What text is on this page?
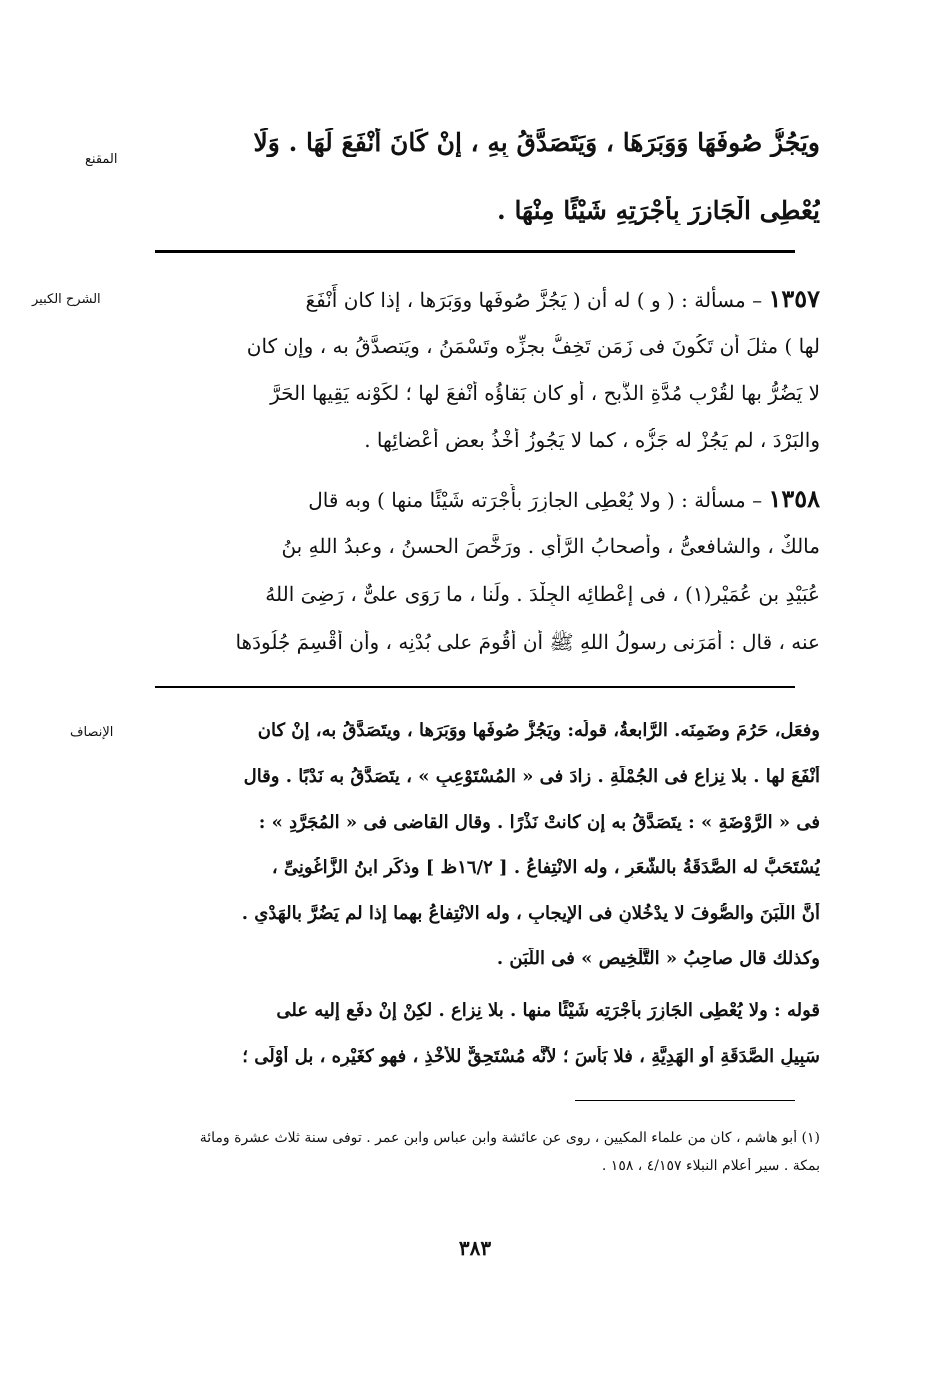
المقنع
الشرح الكبير
الإنصاف
ويَجُزُّ صُوفَهَا وَوَبَرَهَا ، وَيَتَصَدَّقُ بِهِ ، إنْ كَانَ أَنْفَعَ لَهَا . وَلَا
يُعْطِى الْجَازِرَ بِأُجْرَتِهِ شَيْئًا مِنْهَا .
١٣٥٧ – مسألة : ( و ) له أن ( يَجُزَّ صُوفَها ووَبَرَها ، إذا كان أَنْفَعَ
لها ) مثلَ أن تَكُونَ فى زَمَنٍ تَخِفُّ بجزِّه وتَسْمَنُ ، ويَتصدَّقُ به ، وإن كان
لا يَضُرُّ بها لقُرْبِ مُدَّةِ الذَّبحِ ، أو كان بَقاؤُه أنْفعَ لها ؛ لكَوْنه يَقِيها الحَرَّ
والبَرْدَ ، لم يَجُزْ له جَزُّه ، كما لا يَجُوزُ أخْذُ بعضِ أعْضائِها .
١٣٥٨ – مسألة : ( ولا يُعْطِى الجازِرَ بأُجْرَته شَيْئًا منها ) وبه قال
مالكٌ ، والشافعىُّ ، وأصحابُ الرَّأْىِ . ورَخَّصَ الحسنُ ، وعبدُ اللهِ بنُ
عُبَيْدِ بنِ عُمَيْرٍ(١) ، فى إعْطائِه الجِلْدَ . ولَنا ، ما رَوَى علىٌّ ، رَضِىَ اللهُ
عنه ، قال : أمَرَنى رسولُ اللهِ ﷺ أن أقُومَ على بُدْنِه ، وأن أقْسِمَ جُلُودَها
وفعَل، حَرُمَ وضَمِنَه. الرَّابعةُ، قولُه: ويَجُزُّ صُوفَها ووَبَرَها ، ويتَصَدَّقُ به، إنْ كان
أنْفَعَ لها . بلا نِزاعٍ فى الجُمْلَةِ . زادَ فى « المُسْتَوْعِبِ » ، يتَصَدَّقُ به نَدْبًا . وقال
فى « الرَّوْضَةِ » : يتَصَدَّقُ به إن كانتْ نَذْرًا . وقال القاضى فى « المُجَرَّدِ » :
يُسْتَحَبُّ له الصَّدَقَةُ بالشَّعَرِ ، وله الانْتِفاعُ . [ ١٦/٢ظ ] وذكَر ابنُ الزَّاغُونِىِّ ،
أنَّ اللَّبَنَ والصُّوفَ لا يدْخُلانِ فى الإيجابِ ، وله الانْتِفاعُ بهما إذا لم يَضُرَّ بالهَدْىِ .
وكذلك قال صاحِبُ « التَّلْخِيصِ » فى اللَّبَنِ .
قوله : ولا يُعْطِى الجَازِرَ بأُجْرَتِه شَيْئًا منها . بلا نِزاعٍ . لكِنْ إنْ دفَع إليه على
سَبِيلِ الصَّدَقَةِ أو الهَدِيَّةِ ، فلا بَأْسَ ؛ لأنَّه مُسْتَحِقٌّ للأَخْذِ ، فهو كغَيْرِه ، بل أوْلَى ؛
(١) أبو هاشم ، كان من علماء المكيين ، روى عن عائشة وابن عباس وابن عمر . توفى سنة ثلاث عشرة ومائة
بمكة . سير أعلام النبلاء ٤/١٥٧ ، ١٥٨ .
٣٨٣
